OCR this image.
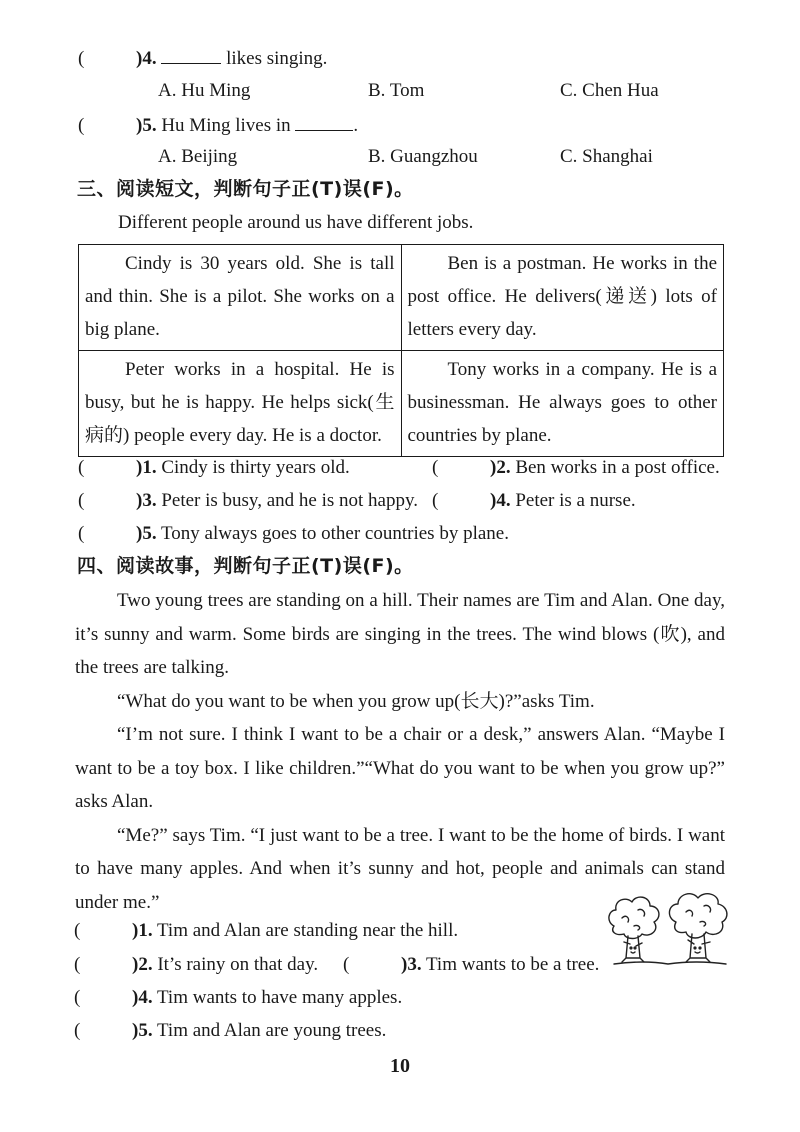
(	)4.	likes singing.
A. Hu Ming	B. Tom	C. Chen Hua
(	)5. Hu Ming lives in	.
A. Beijing	B. Guangzhou	C. Shanghai
三、阅读短文，判断句子正(T)误(F)。
Different people around us have different jobs.
Cindy is 30 years old. She is tall and thin. She is a pilot. She works on a big plane.	Ben is a postman. He works in the post office. He delivers(递送) lots of letters every day.
Peter works in a hospital. He is busy, but he is happy. He helps sick(生病的) people every day. He is a doctor.	Tony works in a company. He is a businessman. He always goes to other countries by plane.
(	)1. Cindy is thirty years old.	(	)2. Ben works in a post office.
(	)3. Peter is busy, and he is not happy. (	)4. Peter is a nurse.
(	)5. Tony always goes to other countries by plane.
四、阅读故事，判断句子正(T)误(F)。

Two young trees are standing on a hill. Their names are Tim and Alan. One day, it’s sunny and warm. Some birds are singing in the trees. The wind blows (吹), and the trees are talking.

“What do you want to be when you grow up(长大)?”asks Tim.

“I’m not sure. I think I want to be a chair or a desk,” answers Alan. “Maybe I want to be a toy box. I like children.”“What do you want to be when you grow up?” asks Alan.

“Me?” says Tim. “I just want to be a tree. I want to be the home of birds. I want to have many apples. And when it’s sunny and hot, people and animals can stand under me.”

(	)1. Tim and Alan are standing near the hill.
(	)2. It’s rainy on that day. (	)3. Tim wants to be a tree.
(	)4. Tim wants to have many apples.
(	)5. Tim and Alan are young trees.
10
